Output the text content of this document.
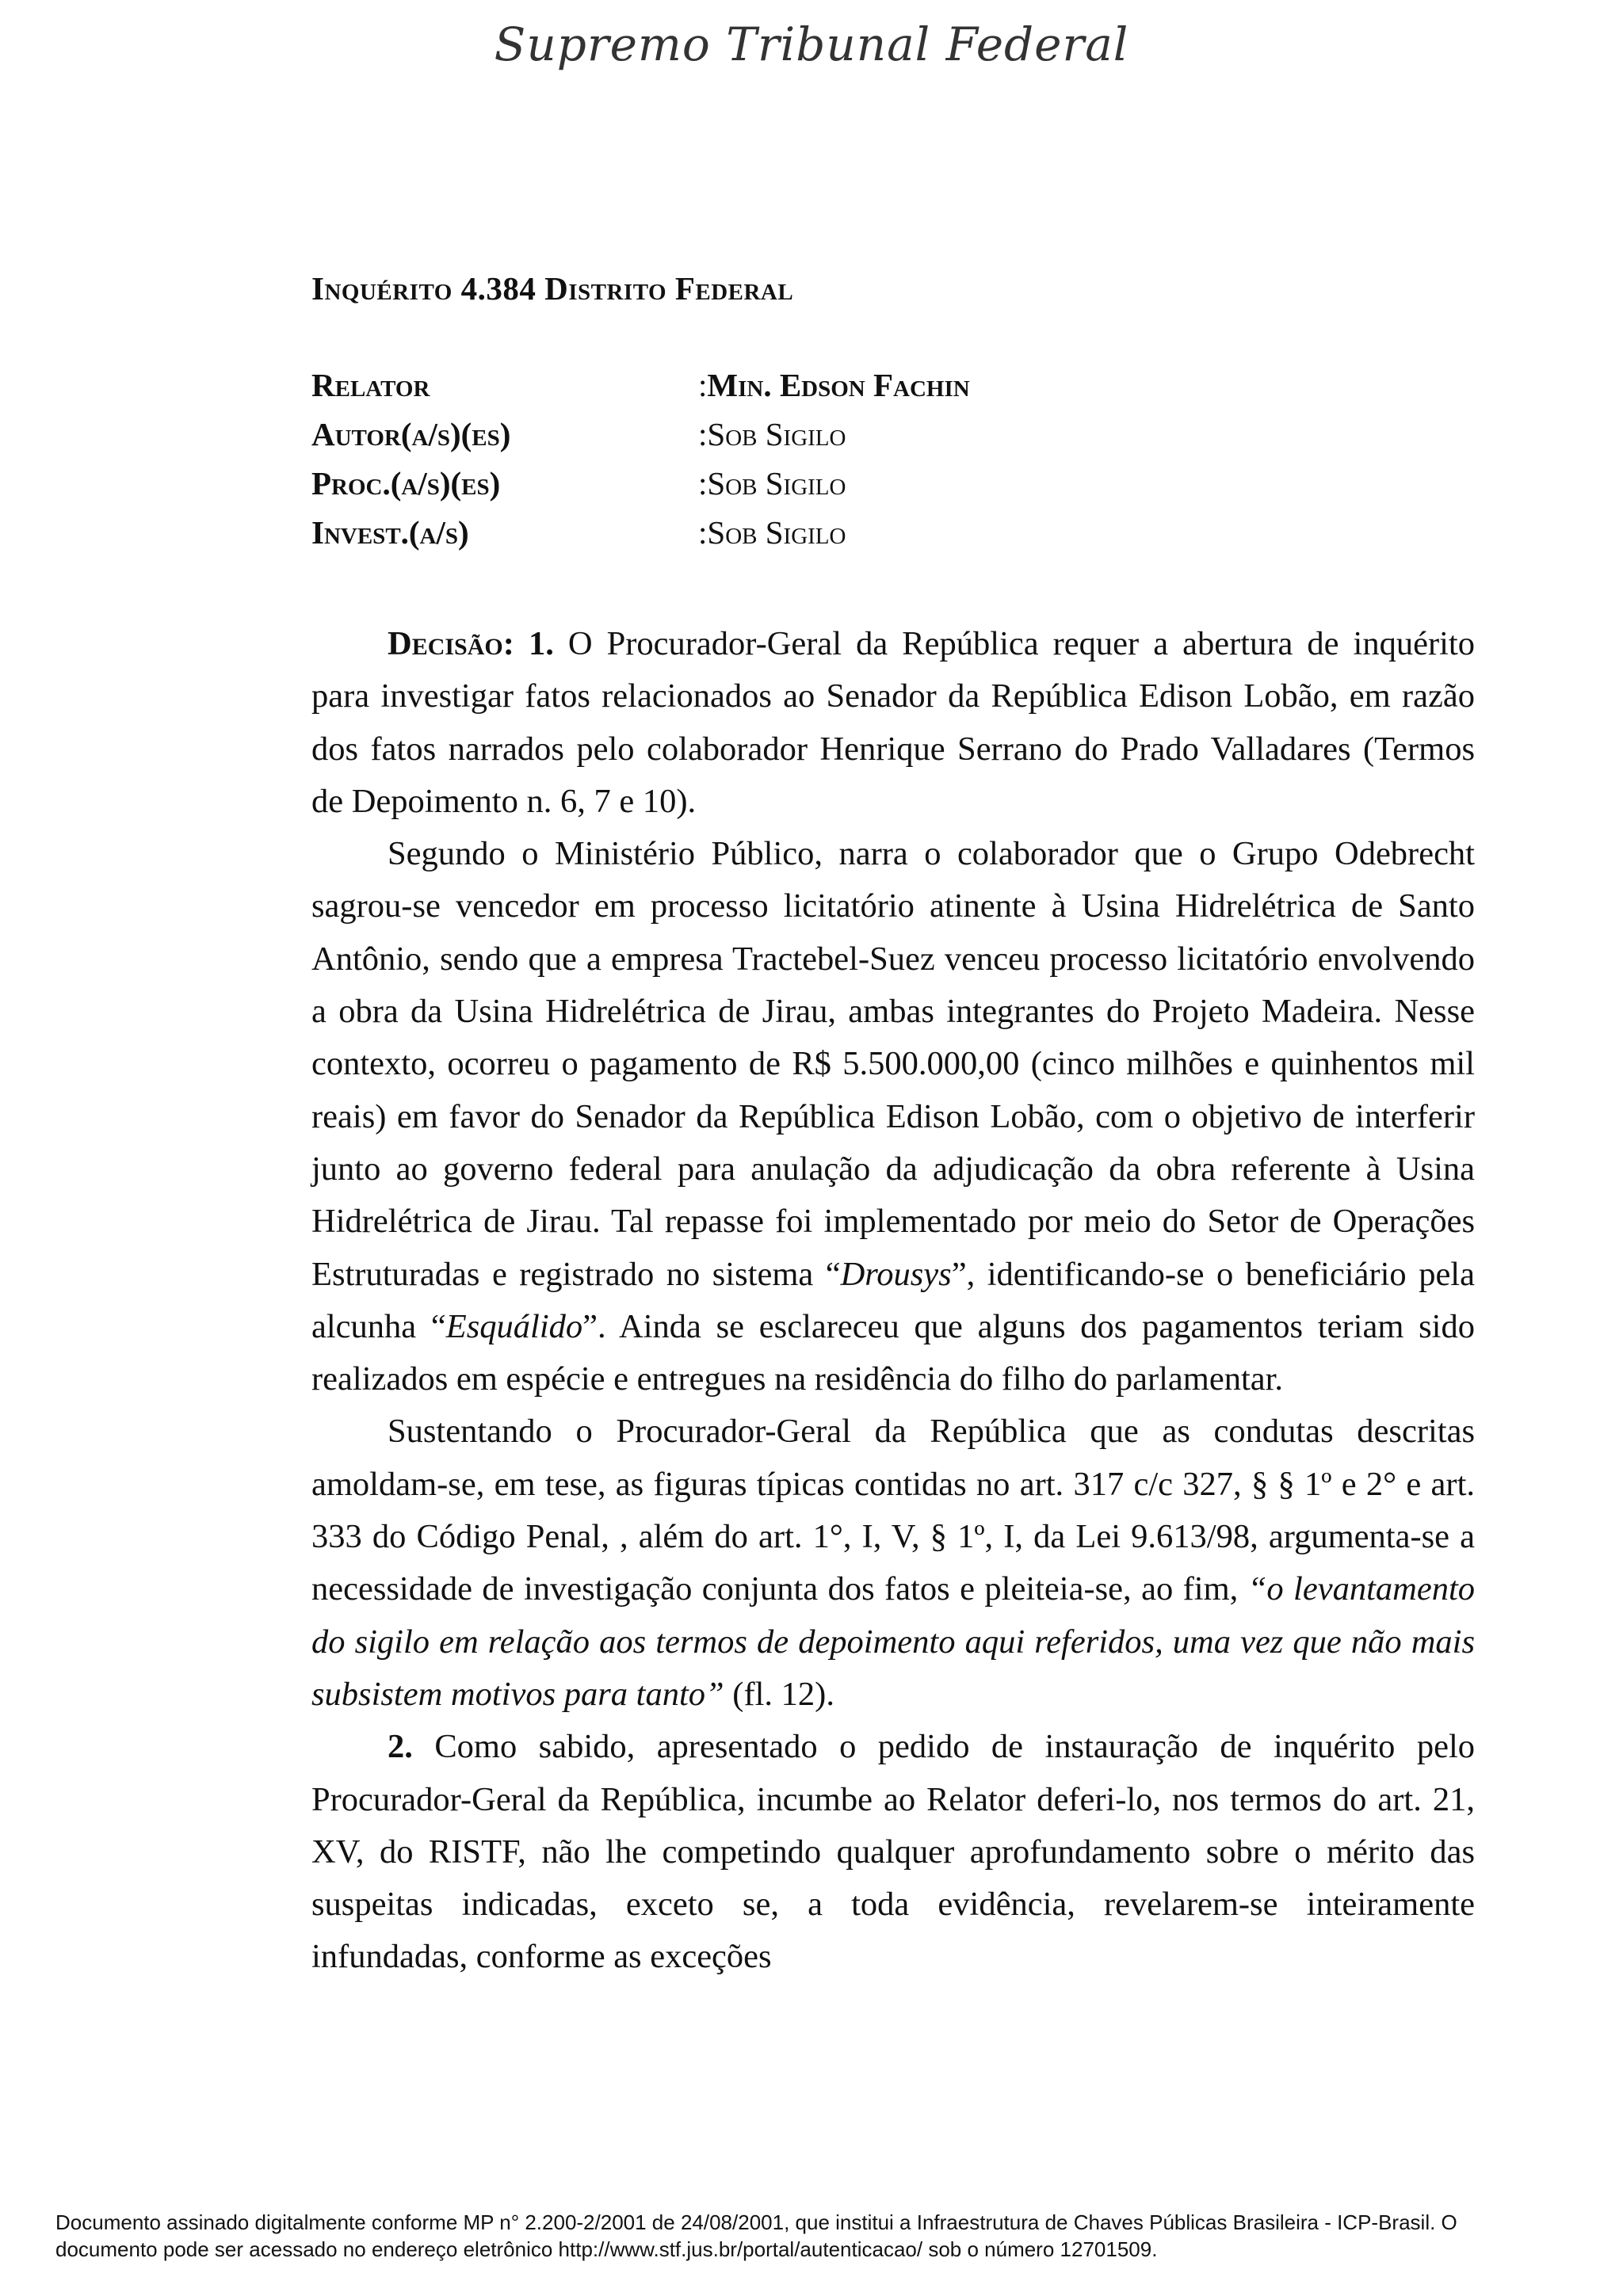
Supremo Tribunal Federal
Inquérito 4.384 Distrito Federal
Relator	:Min. Edson Fachin
Autor(a/s)(es)	:Sob Sigilo
Proc.(a/s)(es)	:Sob Sigilo
Invest.(a/s)	:Sob Sigilo

Decisão: 1. O Procurador-Geral da República requer a abertura de inquérito para investigar fatos relacionados ao Senador da República Edison Lobão, em razão dos fatos narrados pelo colaborador Henrique Serrano do Prado Valladares (Termos de Depoimento n. 6, 7 e 10).

Segundo o Ministério Público, narra o colaborador que o Grupo Odebrecht sagrou-se vencedor em processo licitatório atinente à Usina Hidrelétrica de Santo Antônio, sendo que a empresa Tractebel-Suez venceu processo licitatório envolvendo a obra da Usina Hidrelétrica de Jirau, ambas integrantes do Projeto Madeira. Nesse contexto, ocorreu o pagamento de R$ 5.500.000,00 (cinco milhões e quinhentos mil reais) em favor do Senador da República Edison Lobão, com o objetivo de interferir junto ao governo federal para anulação da adjudicação da obra referente à Usina Hidrelétrica de Jirau. Tal repasse foi implementado por meio do Setor de Operações Estruturadas e registrado no sistema “Drousys”, identificando-se o beneficiário pela alcunha “Esquálido”. Ainda se esclareceu que alguns dos pagamentos teriam sido realizados em espécie e entregues na residência do filho do parlamentar.

Sustentando o Procurador-Geral da República que as condutas descritas amoldam-se, em tese, as figuras típicas contidas no art. 317 c/c 327, § § 1º e 2° e art. 333 do Código Penal, , além do art. 1°, I, V, § 1º, I, da Lei 9.613/98, argumenta-se a necessidade de investigação conjunta dos fatos e pleiteia-se, ao fim, “o levantamento do sigilo em relação aos termos de depoimento aqui referidos, uma vez que não mais subsistem motivos para tanto” (fl. 12).

2. Como sabido, apresentado o pedido de instauração de inquérito pelo Procurador-Geral da República, incumbe ao Relator deferi-lo, nos termos do art. 21, XV, do RISTF, não lhe competindo qualquer aprofundamento sobre o mérito das suspeitas indicadas, exceto se, a toda evidência, revelarem-se inteiramente infundadas, conforme as exceções

Documento assinado digitalmente conforme MP n° 2.200-2/2001 de 24/08/2001, que institui a Infraestrutura de Chaves Públicas Brasileira - ICP-Brasil. O
documento pode ser acessado no endereço eletrônico http://www.stf.jus.br/portal/autenticacao/ sob o número 12701509.
